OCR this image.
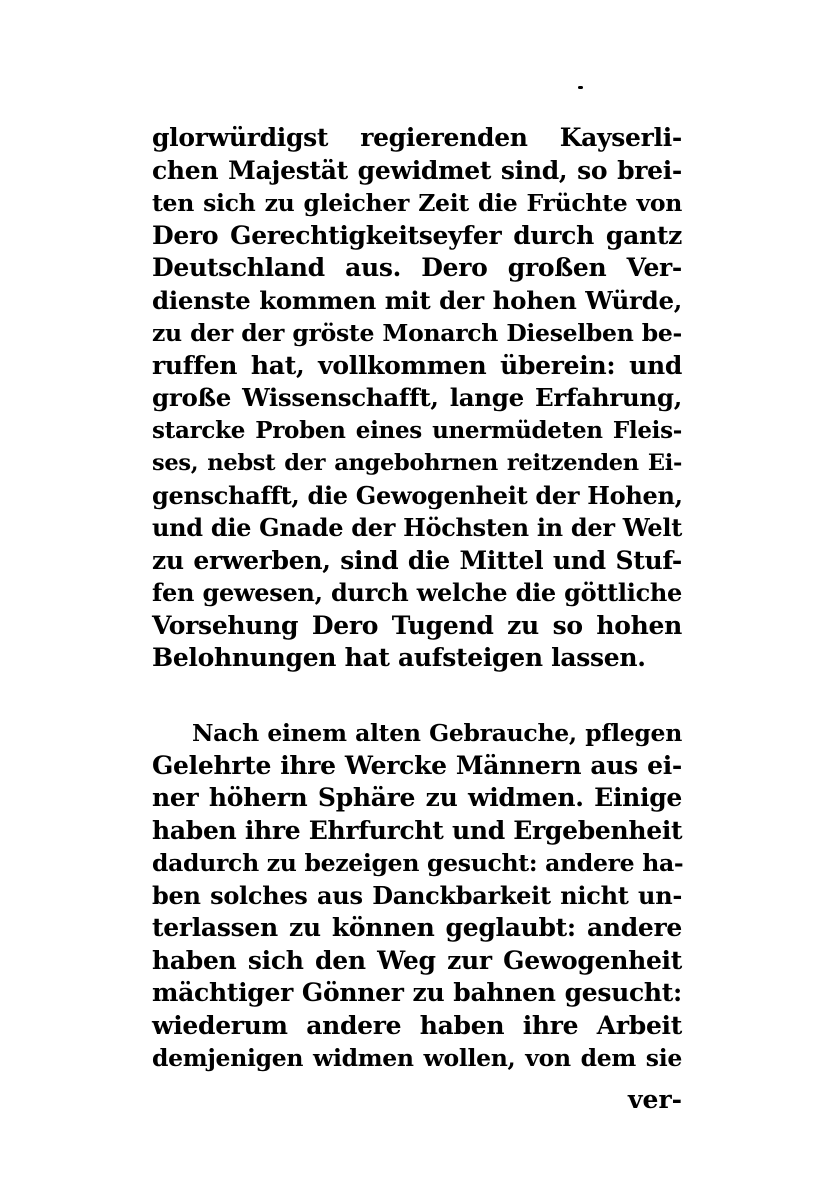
glorwürdigst regierenden Kayserli-
chen Majestät gewidmet sind, so brei-
ten sich zu gleicher Zeit die Früchte von
Dero Gerechtigkeitseyfer durch gantz
Deutschland aus. Dero großen Ver-
dienste kommen mit der hohen Würde,
zu der der gröste Monarch Dieselben be-
ruffen hat, vollkommen überein: und
große Wissenschafft, lange Erfahrung,
starcke Proben eines unermüdeten Fleis-
ses, nebst der angebohrnen reitzenden Ei-
genschafft, die Gewogenheit der Hohen,
und die Gnade der Höchsten in der Welt
zu erwerben, sind die Mittel und Stuf-
fen gewesen, durch welche die göttliche
Vorsehung Dero Tugend zu so hohen
Belohnungen hat aufsteigen lassen.
Nach einem alten Gebrauche, pflegen
Gelehrte ihre Wercke Männern aus ei-
ner höhern Sphäre zu widmen. Einige
haben ihre Ehrfurcht und Ergebenheit
dadurch zu bezeigen gesucht: andere ha-
ben solches aus Danckbarkeit nicht un-
terlassen zu können geglaubt: andere
haben sich den Weg zur Gewogenheit
mächtiger Gönner zu bahnen gesucht:
wiederum andere haben ihre Arbeit
demjenigen widmen wollen, von dem sie
ver-
